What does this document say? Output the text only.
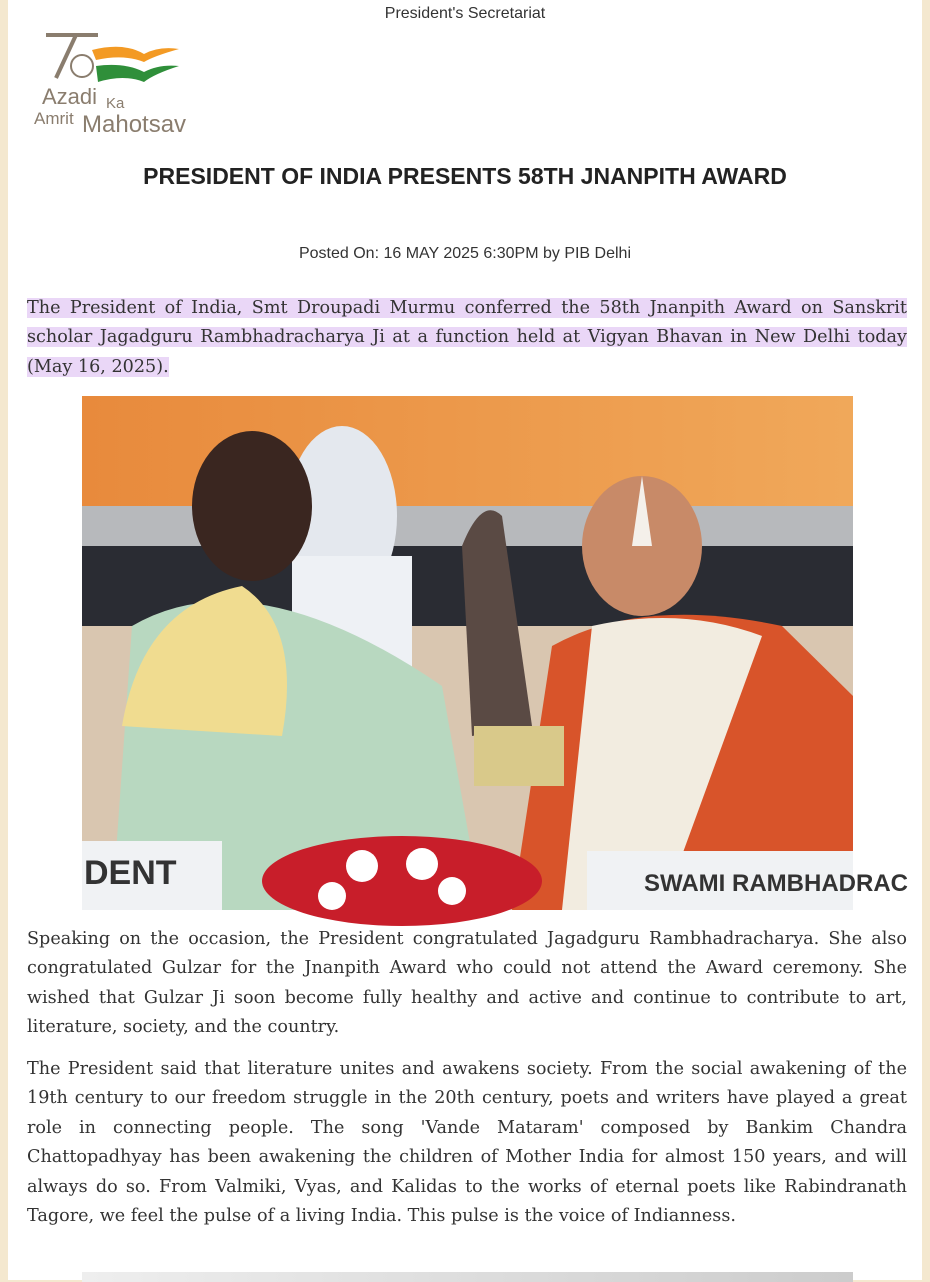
President's Secretariat
Azadi Ka
Amrit Mahotsav
PRESIDENT OF INDIA PRESENTS 58TH JNANPITH AWARD
Posted On: 16 MAY 2025 6:30PM by PIB Delhi
The President of India, Smt Droupadi Murmu conferred the 58th Jnanpith Award on Sanskrit scholar Jagadguru Rambhadracharya Ji at a function held at Vigyan Bhavan in New Delhi today (May 16, 2025).
DENT	SWAMI RAMBHADRAC
Speaking on the occasion, the President congratulated Jagadguru Rambhadracharya. She also congratulated Gulzar for the Jnanpith Award who could not attend the Award ceremony. She wished that Gulzar Ji soon become fully healthy and active and continue to contribute to art, literature, society, and the country.
The President said that literature unites and awakens society. From the social awakening of the 19th century to our freedom struggle in the 20th century, poets and writers have played a great role in connecting people. The song 'Vande Mataram' composed by Bankim Chandra Chattopadhyay has been awakening the children of Mother India for almost 150 years, and will always do so. From Valmiki, Vyas, and Kalidas to the works of eternal poets like Rabindranath Tagore, we feel the pulse of a living India. This pulse is the voice of Indianness.
